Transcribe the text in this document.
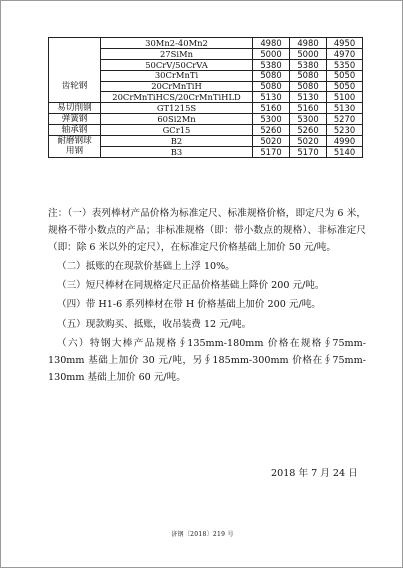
	30Mn2-40Mn2	4980	4980	4950
	27SiMn	5000	5000	4970
	50CrV/50CrVA	5380	5380	5350
	30CrMnTi	5080	5080	5050
齿轮钢	20CrMnTiH	5080	5080	5050
	20CrMnTiHCS/20CrMnTiHLD	5130	5130	5100
易切削钢	GT1215S	5160	5160	5130
弹簧钢	60Si2Mn	5300	5300	5270
轴承钢	GCr15	5260	5260	5230
耐磨钢球	B2	5020	5020	4990
用钢	B3	5170	5170	5140

注：（一）表列棒材产品价格为标准定尺、标准规格价格，即定尺为 6 米，规格不带小数点的产品；非标准规格（即：带小数点的规格）、非标准定尺（即：除 6 米以外的定尺），在标准定尺价格基础上加价 50 元/吨。

（二）抵账的在现款价基础上上浮 10%。

（三）短尺棒材在同规格定尺正品价格基础上降价 200 元/吨。

（四）带 H1-6 系列棒材在带 H 价格基础上加价 200 元/吨。

（五）现款购买、抵账，收吊装费 12 元/吨。

（六）特钢大棒产品规格∮135mm-180mm 价格在规格∮75mm-130mm 基础上加价 30 元/吨，另∮185mm-300mm 价格在∮75mm-130mm 基础上加价 60 元/吨。

2018 年 7 月 24 日
济钢〔2018〕219 号
